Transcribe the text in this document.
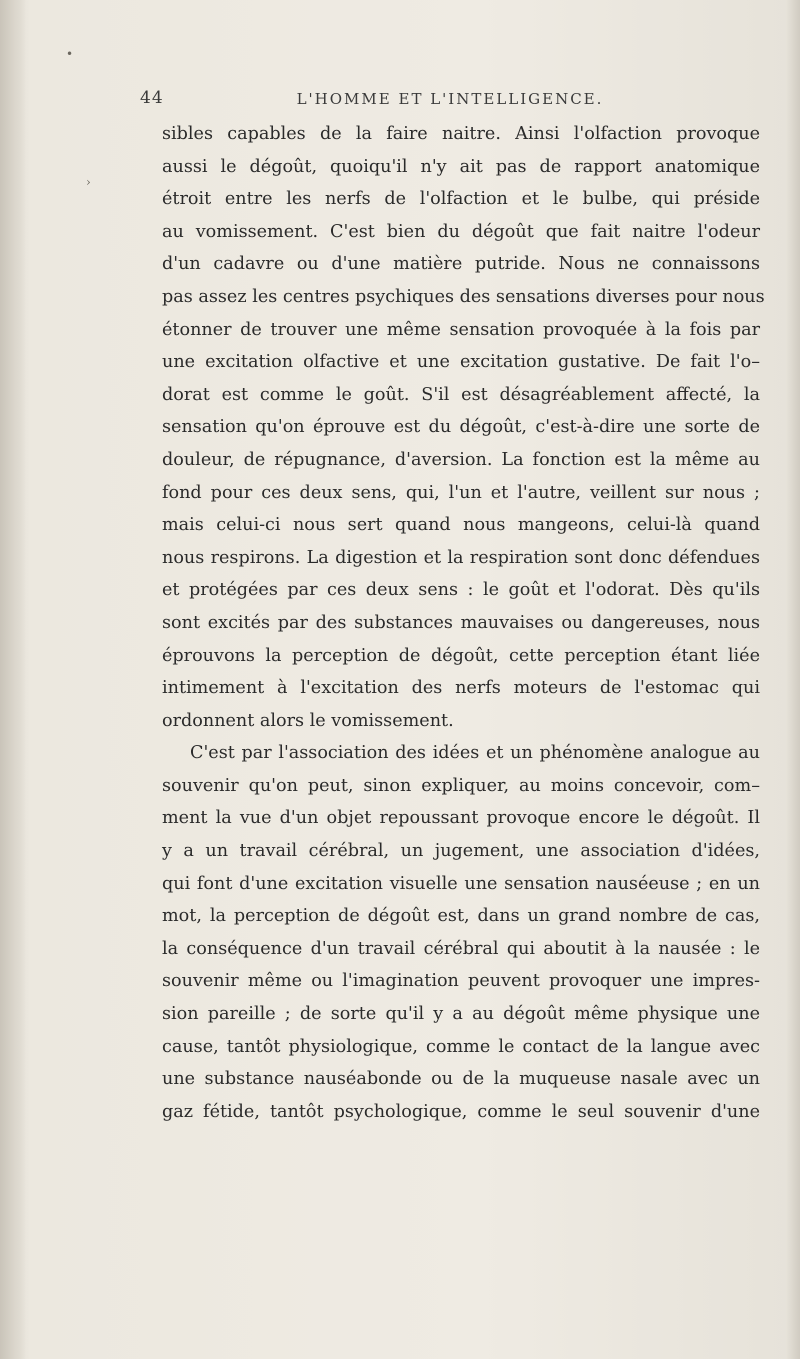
44	L'HOMME ET L'INTELLIGENCE.
sibles capables de la faire naitre. Ainsi l'olfaction provoque
aussi le dégoût, quoiqu'il n'y ait pas de rapport anatomique
étroit entre les nerfs de l'olfaction et le bulbe, qui préside
au vomissement. C'est bien du dégoût que fait naitre l'odeur
d'un cadavre ou d'une matière putride. Nous ne connaissons
pas assez les centres psychiques des sensations diverses pour nous
étonner de trouver une même sensation provoquée à la fois par
une excitation olfactive et une excitation gustative. De fait l'o–
dorat est comme le goût. S'il est désagréablement affecté, la
sensation qu'on éprouve est du dégoût, c'est-à-dire une sorte de
douleur, de répugnance, d'aversion. La fonction est la même au
fond pour ces deux sens, qui, l'un et l'autre, veillent sur nous ;
mais celui-ci nous sert quand nous mangeons, celui-là quand
nous respirons. La digestion et la respiration sont donc défendues
et protégées par ces deux sens : le goût et l'odorat. Dès qu'ils
sont excités par des substances mauvaises ou dangereuses, nous
éprouvons la perception de dégoût, cette perception étant liée
intimement à l'excitation des nerfs moteurs de l'estomac qui
ordonnent alors le vomissement.
C'est par l'association des idées et un phénomène analogue au
souvenir qu'on peut, sinon expliquer, au moins concevoir, com–
ment la vue d'un objet repoussant provoque encore le dégoût. Il
y a un travail cérébral, un jugement, une association d'idées,
qui font d'une excitation visuelle une sensation nauséeuse ; en un
mot, la perception de dégoût est, dans un grand nombre de cas,
la conséquence d'un travail cérébral qui aboutit à la nausée : le
souvenir même ou l'imagination peuvent provoquer une impres-
sion pareille ; de sorte qu'il y a au dégoût même physique une
cause, tantôt physiologique, comme le contact de la langue avec
une substance nauséabonde ou de la muqueuse nasale avec un
gaz fétide, tantôt psychologique, comme le seul souvenir d'une
•
›
